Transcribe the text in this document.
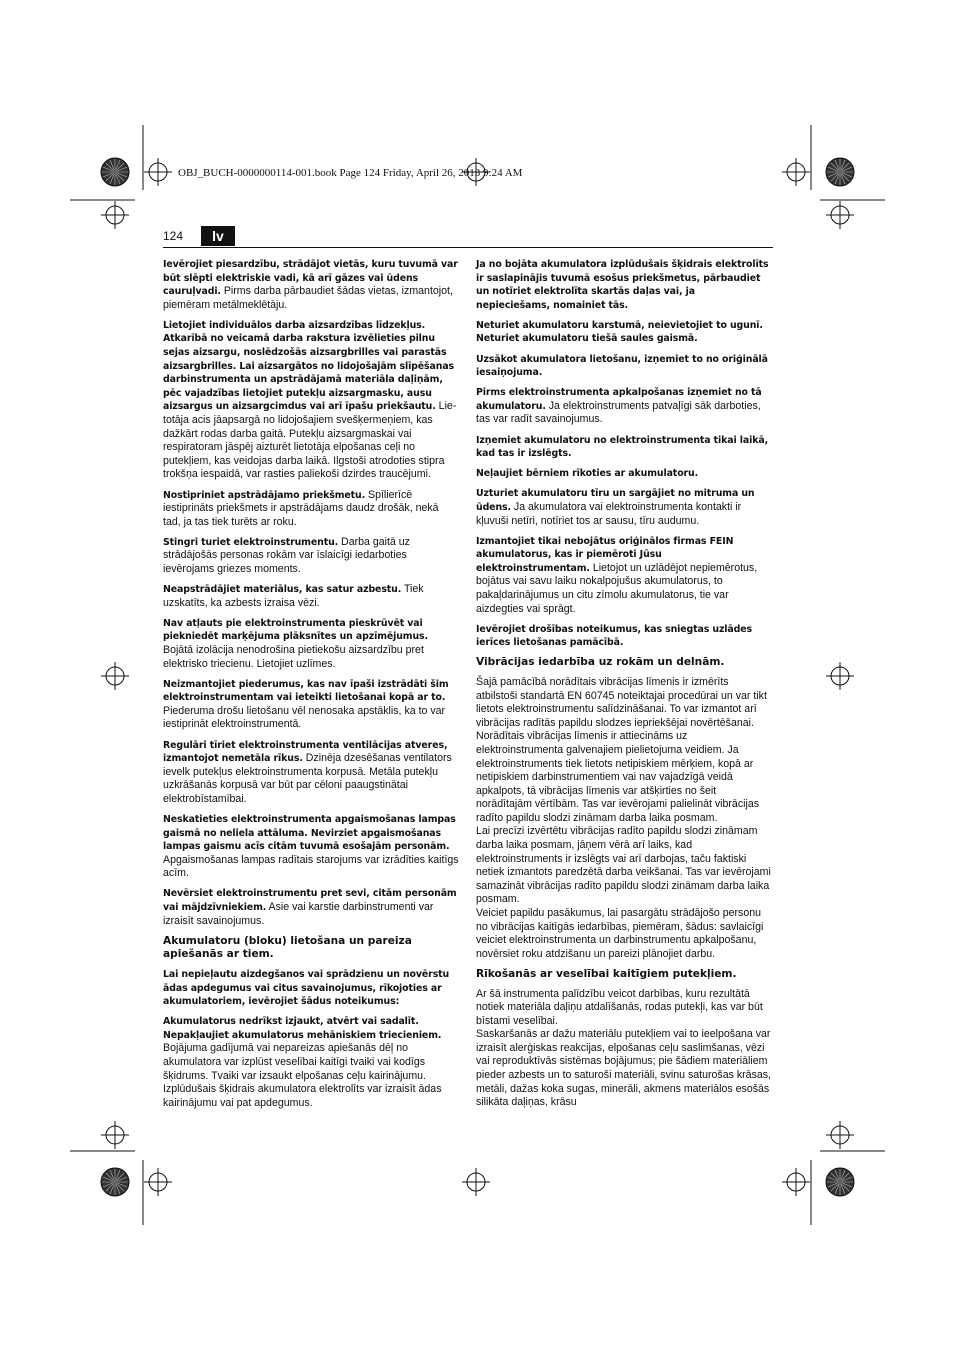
OBJ_BUCH-0000000114-001.book Page 124 Friday, April 26, 2013 9:24 AM
124	lv
Ievērojiet piesardzību, strādājot vietās, kuru tuvumā var būt slēpti elektriskie vadi, kā arī gāzes vai ūdens cauruļvadi. Pirms darba pārbaudiet šādas vietas, izmantojot, piemēram metālmeklētāju.
Lietojiet individuālos darba aizsardzības līdzekļus. Atkarībā no veicamā darba rakstura izvēlieties pilnu sejas aizsargu, noslēdzošās aizsargbrilles vai parastās aizsargbrilles. Lai aizsargātos no lidojošajām slīpēšanas darbinstrumenta un apstrādājamā materiāla daļiņām, pēc vajadzības lietojiet putekļu aizsargmasku, ausu aizsargus un aizsargcimdus vai arī īpašu priekšautu. Lie-totāja acis jāapsargā no lidojošajiem svešķermeņiem, kas dažkārt rodas darba gaitā. Putekļu aizsargmaskai vai respiratoram jāspēj aizturēt lietotāja elpošanas ceļi no putekļiem, kas veidojas darba laikā. Ilgstoši atrodoties stipra trokšņa iespaidā, var rasties paliekoši dzirdes traucējumi.
Nostipriniet apstrādājamo priekšmetu. Spīlierīcē iestiprināts priekšmets ir apstrādājams daudz drošāk, nekā tad, ja tas tiek turēts ar roku.
Stingri turiet elektroinstrumentu. Darba gaitā uz strādājošās personas rokām var īslaicīgi iedarboties ievērojams griezes moments.
Neapstrādājiet materiālus, kas satur azbestu. Tiek uzskatīts, ka azbests izraisa vēzi.
Nav atļauts pie elektroinstrumenta pieskrūvēt vai piekniedēt marķējuma plāksnītes un apzīmējumus. Bojātā izolācija nenodrošina pietiekošu aizsardzību pret elektrisko triecienu. Lietojiet uzlīmes.
Neizmantojiet piederumus, kas nav īpaši izstrādāti šim elektroinstrumentam vai ieteikti lietošanai kopā ar to. Piederuma drošu lietošanu vēl nenosaka apstāklis, ka to var iestiprināt elektroinstrumentā.
Regulāri tīriet elektroinstrumenta ventilācijas atveres, izmantojot nemetāla rīkus. Dzinēja dzesēšanas ventilators ievelk putekļus elektroinstrumenta korpusā. Metāla putekļu uzkrāšanās korpusā var būt par cēloni paaugstinātai elektrobīstamībai.
Neskatieties elektroinstrumenta apgaismošanas lampas gaismā no neliela attāluma. Nevirziet apgaismošanas lampas gaismu acīs citām tuvumā esošajām personām. Apgaismošanas lampas radītais starojums var izrādīties kaitīgs acīm.
Nevērsiet elektroinstrumentu pret sevi, citām personām vai mājdzīvniekiem. Asie vai karstie darbinstrumenti var izraisīt savainojumus.
Akumulatoru (bloku) lietošana un pareiza apiešanās ar tiem.
Lai nepieļautu aizdegšanos vai sprādzienu un novērstu ādas apdegumus vai citus savainojumus, rīkojoties ar akumulatoriem, ievērojiet šādus noteikumus:
Akumulatorus nedrīkst izjaukt, atvērt vai sadalīt. Nepakļaujiet akumulatorus mehāniskiem triecieniem. Bojājuma gadījumā vai nepareizas apiešanās dēļ no akumulatora var izplūst veselībai kaitīgi tvaiki vai kodīgs šķidrums. Tvaiki var izsaukt elpošanas ceļu kairinājumu. Izplūdušais šķidrais akumulatora elektrolīts var izraisīt ādas kairinājumu vai pat apdegumus.
Ja no bojāta akumulatora izplūdušais šķidrais elektrolīts ir saslapinājis tuvumā esošus priekšmetus, pārbaudiet un notīriet elektrolīta skartās daļas vai, ja nepieciešams, nomainiet tās.
Neturiet akumulatoru karstumā, neievietojiet to ugunī. Neturiet akumulatoru tiešā saules gaismā.
Uzsākot akumulatora lietošanu, izņemiet to no oriģinālā iesaiņojuma.
Pirms elektroinstrumenta apkalpošanas izņemiet no tā akumulatoru. Ja elektroinstruments patvaļīgi sāk darboties, tas var radīt savainojumus.
Izņemiet akumulatoru no elektroinstrumenta tikai laikā, kad tas ir izslēgts.
Neļaujiet bērniem rīkoties ar akumulatoru.
Uzturiet akumulatoru tīru un sargājiet no mitruma un ūdens. Ja akumulatora vai elektroinstrumenta kontakti ir kļuvuši netīri, notīriet tos ar sausu, tīru audumu.
Izmantojiet tikai nebojātus oriģinālos firmas FEIN akumulatorus, kas ir piemēroti Jūsu elektroinstrumentam. Lietojot un uzlādējot nepiemērotus, bojātus vai savu laiku nokalpojušus akumulatorus, to pakaļdarinājumus un citu zīmolu akumulatorus, tie var aizdegties vai sprāgt.
Ievērojiet drošības noteikumus, kas sniegtas uzlādes ierīces lietošanas pamācībā.
Vibrācijas iedarbība uz rokām un delnām.
Šajā pamācībā norādītais vibrācijas līmenis ir izmērīts atbilstoši standartā EN 60745 noteiktajai procedūrai un var tikt lietots elektroinstrumentu salīdzināšanai. To var izmantot arī vibrācijas radītās papildu slodzes iepriekšējai novērtēšanai.
Norādītais vibrācijas līmenis ir attiecināms uz elektroinstrumenta galvenajiem pielietojuma veidiem. Ja elektroinstruments tiek lietots netipiskiem mērķiem, kopā ar netipiskiem darbinstrumentiem vai nav vajadzīgā veidā apkalpots, tā vibrācijas līmenis var atšķirties no šeit norādītajām vērtībām. Tas var ievērojami palielināt vibrācijas radīto papildu slodzi zināmam darba laika posmam.
Lai precīzi izvērtētu vibrācijas radīto papildu slodzi zināmam darba laika posmam, jāņem vērā arī laiks, kad elektroinstruments ir izslēgts vai arī darbojas, taču faktiski netiek izmantots paredzētā darba veikšanai. Tas var ievērojami samazināt vibrācijas radīto papildu slodzi zināmam darba laika posmam.
Veiciet papildu pasākumus, lai pasargātu strādājošo personu no vibrācijas kaitīgās iedarbības, piemēram, šādus: savlaicīgi veiciet elektroinstrumenta un darbinstrumentu apkalpošanu, novērsiet roku atdzišanu un pareizi plānojiet darbu.
Rīkošanās ar veselībai kaitīgiem putekļiem.
Ar šā instrumenta palīdzību veicot darbības, kuru rezultātā notiek materiāla daļiņu atdalīšanās, rodas putekļi, kas var būt bīstami veselībai.
Saskaršanās ar dažu materiālu putekļiem vai to ieelpošana var izraisīt alerģiskas reakcijas, elpošanas ceļu saslimšanas, vēzi vai reproduktīvās sistēmas bojājumus; pie šādiem materiāliem pieder azbests un to saturoši materiāli, svinu saturošas krāsas, metāli, dažas koka sugas, minerāli, akmens materiālos esošās silikāta daļiņas, krāsu
